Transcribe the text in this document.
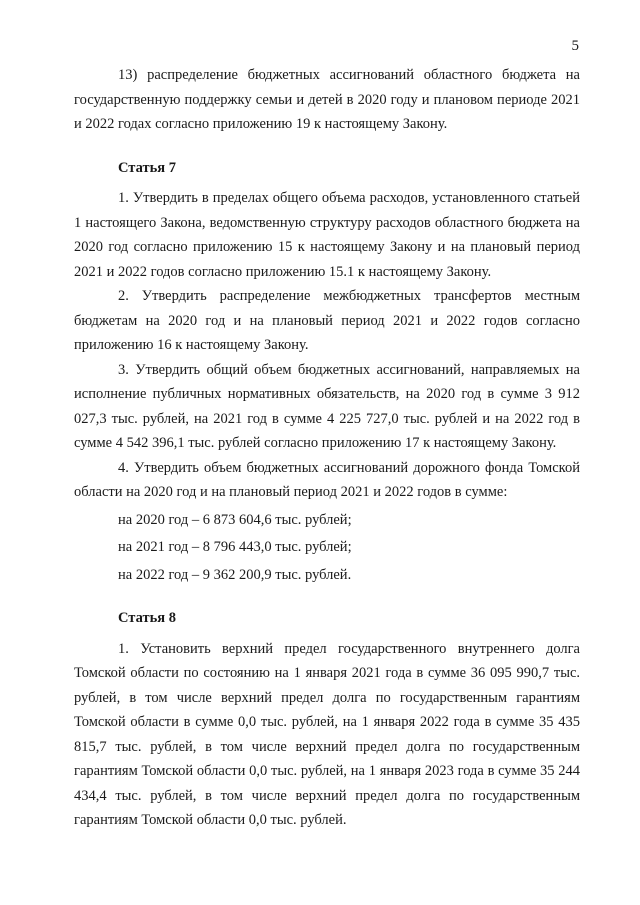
5

13) распределение бюджетных ассигнований областного бюджета на государственную поддержку семьи и детей в 2020 году и плановом периоде 2021 и 2022 годах согласно приложению 19 к настоящему Закону.

Статья 7

1. Утвердить в пределах общего объема расходов, установленного статьей 1 настоящего Закона, ведомственную структуру расходов областного бюджета на 2020 год согласно приложению 15 к настоящему Закону и на плановый период 2021 и 2022 годов согласно приложению 15.1 к настоящему Закону.

2. Утвердить распределение межбюджетных трансфертов местным бюджетам на 2020 год и на плановый период 2021 и 2022 годов согласно приложению 16 к настоящему Закону.

3. Утвердить общий объем бюджетных ассигнований, направляемых на исполнение публичных нормативных обязательств, на 2020 год в сумме 3 912 027,3 тыс. рублей, на 2021 год в сумме 4 225 727,0 тыс. рублей и на 2022 год в сумме 4 542 396,1 тыс. рублей согласно приложению 17 к настоящему Закону.

4. Утвердить объем бюджетных ассигнований дорожного фонда Томской области на 2020 год и на плановый период 2021 и 2022 годов в сумме:

на 2020 год – 6 873 604,6 тыс. рублей;

на 2021 год – 8 796 443,0 тыс. рублей;

на 2022 год – 9 362 200,9 тыс. рублей.

Статья 8

1. Установить верхний предел государственного внутреннего долга Томской области по состоянию на 1 января 2021 года в сумме 36 095 990,7 тыс. рублей, в том числе верхний предел долга по государственным гарантиям Томской области в сумме 0,0 тыс. рублей, на 1 января 2022 года в сумме 35 435 815,7 тыс. рублей, в том числе верхний предел долга по государственным гарантиям Томской области 0,0 тыс. рублей, на 1 января 2023 года в сумме 35 244 434,4 тыс. рублей, в том числе верхний предел долга по государственным гарантиям Томской области 0,0 тыс. рублей.
